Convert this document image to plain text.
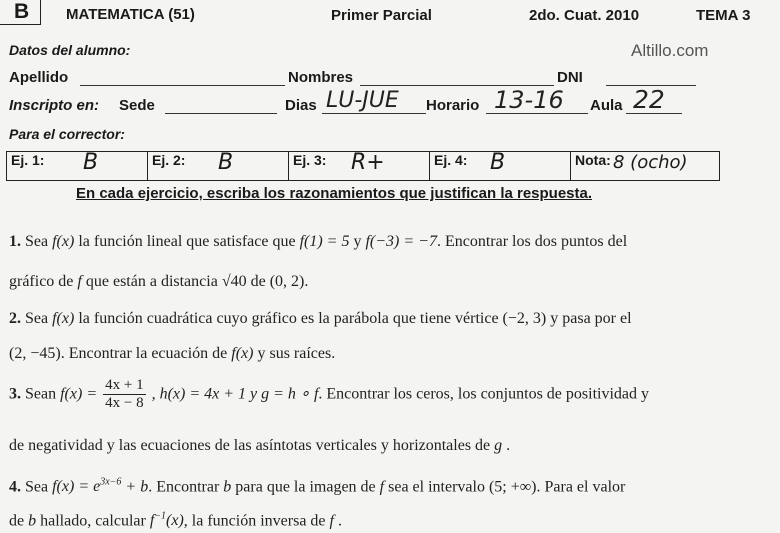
B MATEMATICA (51)	Primer Parcial	2do. Cuat. 2010	TEMA 3
Datos del alumno:	Altillo.com
Apellido	Nombres	DNI
Inscripto en: Sede	Dias LU-JUE Horario 13-16 Aula 22
Para el corrector:
Ej. 1: B	Ej. 2: B	Ej. 3: R+	Ej. 4: B	Nota: 8 (ocho)
En cada ejercicio, escriba los razonamientos que justifican la respuesta.
1. Sea f(x) la función lineal que satisface que f(1) = 5 y f(−3) = −7. Encontrar los dos puntos del
gráfico de f que están a distancia √40 de (0, 2).
2. Sea f(x) la función cuadrática cuyo gráfico es la parábola que tiene vértice (−2, 3) y pasa por el
(2, −45). Encontrar la ecuación de f(x) y sus raíces.
3. Sean $f(x) = \frac{4x + 1}{4x - 8}$ , h(x) = 4x + 1 y g = h ∘ f. Encontrar los ceros, los conjuntos de positividad y
de negatividad y las ecuaciones de las asíntotas verticales y horizontales de g .
4. Sea $f(x) = e^{3x-6} + b$. Encontrar b para que la imagen de f sea el intervalo (5; +∞). Para el valor
de b hallado, calcular $f^{-1}(x)$, la función inversa de f .
